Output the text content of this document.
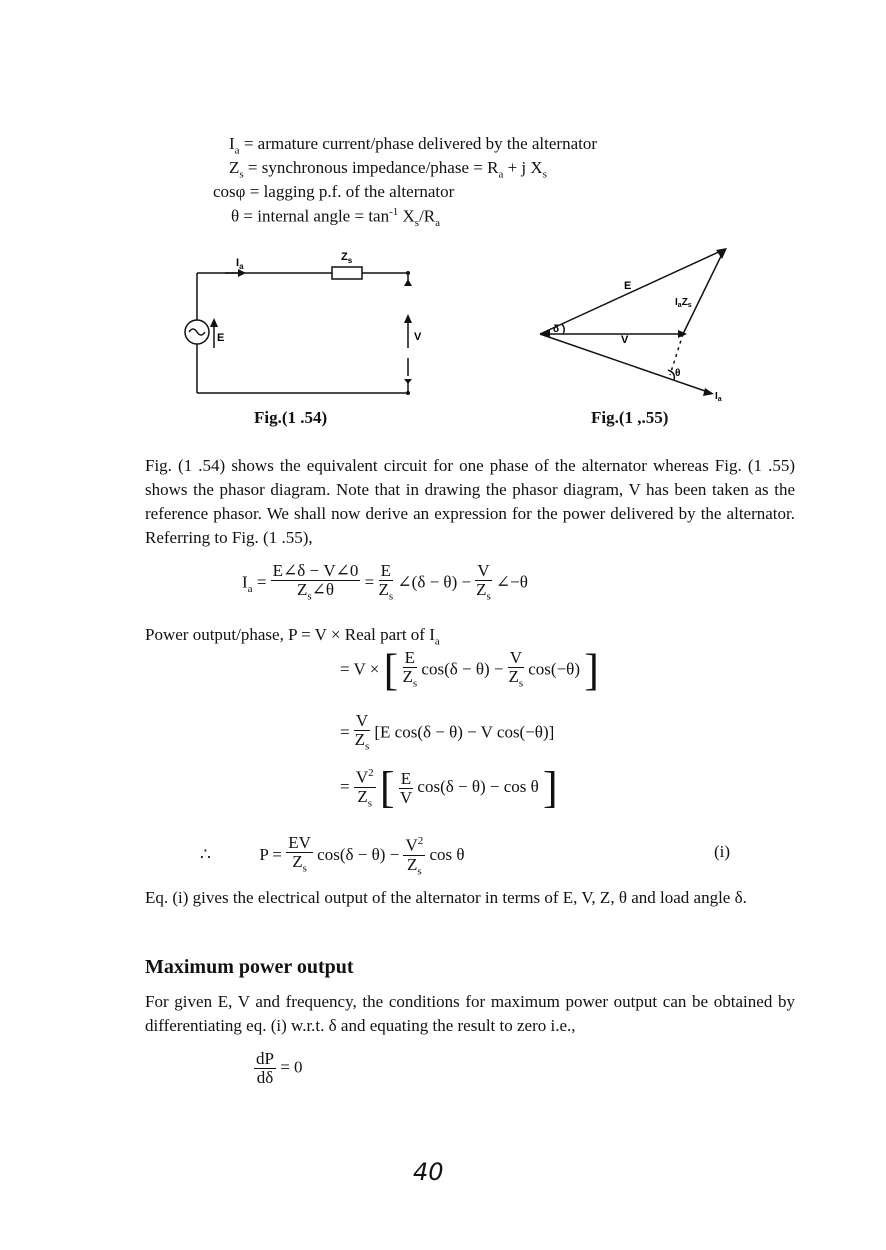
$I_a$ = armature current/phase delivered by the alternator
$Z_s$ = synchronous impedance/phase = $R_a + j$ $X_s$
cosφ = lagging p.f. of the alternator
θ = internal angle = $\tan^{-1} X_s/R_a$
$I_a$
$Z_s$
E	V
Fig.(1 .54)
E
V
$I_aZ_s$
δ
θ
$I_a$
Fig.(1 ,.55)
Fig. (1 .54) shows the equivalent circuit for one phase of the alternator whereas Fig. (1 .55) shows the phasor diagram. Note that in drawing the phasor diagram, V has been taken as the reference phasor. We shall now derive an expression for the power delivered by the alternator. Referring to Fig. (1 .55),
$I_a = \frac{E\angle\delta - V\angle 0}{Z_s\angle\theta} = \frac{E}{Z_s}$ ∠(δ − $\theta) - \frac{V}{Z_s}$ ∠−θ
Power output/phase, P = V × Real part of $I_a$
= V × [ $\frac{E}{Z_s} \cos(\delta - \theta) - \frac{V}{Z_s} \cos(-\theta)$ ]
= $\frac{V}{Z_s} [E$ cos(δ − θ) − V cos(−θ)]
= $\frac{V^2}{Z_s}$ [ $\frac{E}{V} \cos(\delta - \theta) - \cos \theta$ ]
∴	$P = \frac{EV}{Z_s} \cos(\delta - \theta) - \frac{V^2}{Z_s}$ cos θ	(i)
Eq. (i) gives the electrical output of the alternator in terms of E, V, Z, θ and load angle δ.
Maximum power output
For given E, V and frequency, the conditions for maximum power output can be obtained by differentiating eq. (i) w.r.t. δ and equating the result to zero i.e.,
$\frac{dP}{d\delta} = 0$
40
